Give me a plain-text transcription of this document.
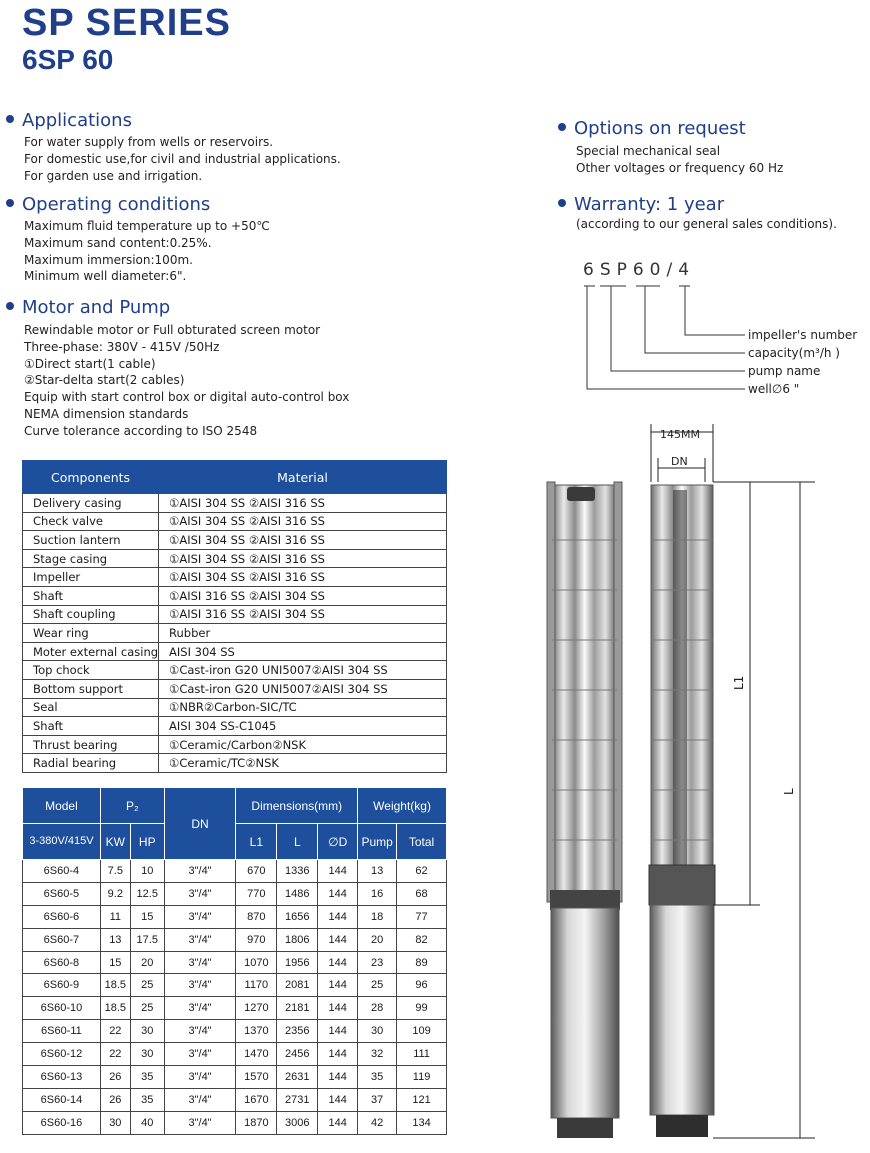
SP SERIES
6SP 60
Applications
For water supply from wells or reservoirs.
For domestic use,for civil and industrial applications.
For garden use and irrigation.
Operating conditions
Maximum fluid temperature up to +50℃
Maximum sand content:0.25%.
Maximum immersion:100m.
Minimum well diameter:6".
Motor and Pump
Rewindable motor or Full obturated screen motor
Three-phase: 380V - 415V /50Hz
①Direct start(1 cable)
②Star-delta start(2 cables)
Equip with start control box or digital auto-control box
NEMA dimension standards
Curve tolerance according to ISO 2548
Options on request
Special mechanical seal
Other voltages or frequency 60 Hz
Warranty: 1 year
(according to our general sales conditions).
6SP60/4
impeller's number
capacity(m³/h )
pump name
well∅6 "
Components	Material
Delivery casing	①AISI 304 SS ②AISI 316 SS
Check valve	①AISI 304 SS ②AISI 316 SS
Suction lantern	①AISI 304 SS ②AISI 316 SS
Stage casing	①AISI 304 SS ②AISI 316 SS
Impeller	①AISI 304 SS ②AISI 316 SS
Shaft	①AISI 316 SS ②AISI 304 SS
Shaft coupling	①AISI 316 SS ②AISI 304 SS
Wear ring	Rubber
Moter external casing	AISI 304 SS
Top chock	①Cast-iron G20 UNI5007②AISI 304 SS
Bottom support	①Cast-iron G20 UNI5007②AISI 304 SS
Seal	①NBR②Carbon-SIC/TC
Shaft	AISI 304 SS-C1045
Thrust bearing	①Ceramic/Carbon②NSK
Radial bearing	①Ceramic/TC②NSK
Model	P₂		DN	Dimensions(mm)			Weight(kg)	
3-380V/415V	KW	HP		L1	L	∅D	Pump	Total
6S60-4	7.5	10	3"/4"	670	1336	144	13	62
6S60-5	9.2	12.5	3"/4"	770	1486	144	16	68
6S60-6	11	15	3"/4"	870	1656	144	18	77
6S60-7	13	17.5	3"/4"	970	1806	144	20	82
6S60-8	15	20	3"/4"	1070	1956	144	23	89
6S60-9	18.5	25	3"/4"	1170	2081	144	25	96
6S60-10	18.5	25	3"/4"	1270	2181	144	28	99
6S60-11	22	30	3"/4"	1370	2356	144	30	109
6S60-12	22	30	3"/4"	1470	2456	144	32	111
6S60-13	26	35	3"/4"	1570	2631	144	35	119
6S60-14	26	35	3"/4"	1670	2731	144	37	121
6S60-16	30	40	3"/4"	1870	3006	144	42	134
145MM
DN
L1
L
